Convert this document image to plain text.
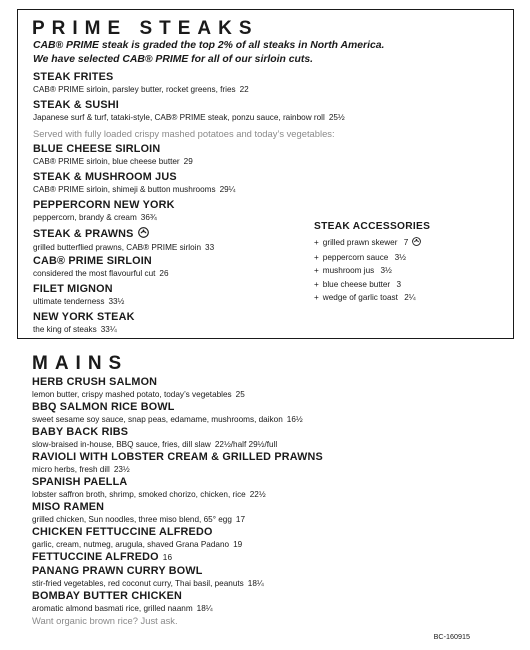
PRIME STEAKS
CAB® PRIME steak is graded the top 2% of all steaks in North America.
We have selected CAB® PRIME for all of our sirloin cuts.
STEAK FRITES
CAB® PRIME sirloin, parsley butter, rocket greens, fries 22
STEAK & SUSHI
Japanese surf & turf, tataki-style, CAB® PRIME steak, ponzu sauce, rainbow roll 25½
Served with fully loaded crispy mashed potatoes and today’s vegetables:
BLUE CHEESE SIRLOIN
CAB® PRIME sirloin, blue cheese butter 29
STEAK & MUSHROOM JUS
CAB® PRIME sirloin, shimeji & button mushrooms 29¼
PEPPERCORN NEW YORK
peppercorn, brandy & cream 36¾
STEAK & PRAWNS
grilled butterflied prawns, CAB® PRIME sirloin 33
CAB® PRIME SIRLOIN
considered the most flavourful cut 26
FILET MIGNON
ultimate tenderness 33½
NEW YORK STEAK
the king of steaks 33¼
STEAK ACCESSORIES
+ grilled prawn skewer 7
+ peppercorn sauce 3½
+ mushroom jus 3½
+ blue cheese butter 3
+ wedge of garlic toast 2¼
MAINS
HERB CRUSH SALMON
lemon butter, crispy mashed potato, today’s vegetables 25
BBQ SALMON RICE BOWL
sweet sesame soy sauce, snap peas, edamame, mushrooms, daikon 16½
BABY BACK RIBS
slow-braised in-house, BBQ sauce, fries, dill slaw 22½/half 29½/full
RAVIOLI WITH LOBSTER CREAM & GRILLED PRAWNS
micro herbs, fresh dill 23½
SPANISH PAELLA
lobster saffron broth, shrimp, smoked chorizo, chicken, rice 22½
MISO RAMEN
grilled chicken, Sun noodles, three miso blend, 65° egg 17
CHICKEN FETTUCCINE ALFREDO
garlic, cream, nutmeg, arugula, shaved Grana Padano 19
FETTUCCINE ALFREDO 16
PANANG PRAWN CURRY BOWL
stir-fried vegetables, red coconut curry, Thai basil, peanuts 18¼
BOMBAY BUTTER CHICKEN
aromatic almond basmati rice, grilled naanm 18¼
Want organic brown rice? Just ask.
BC-160915
